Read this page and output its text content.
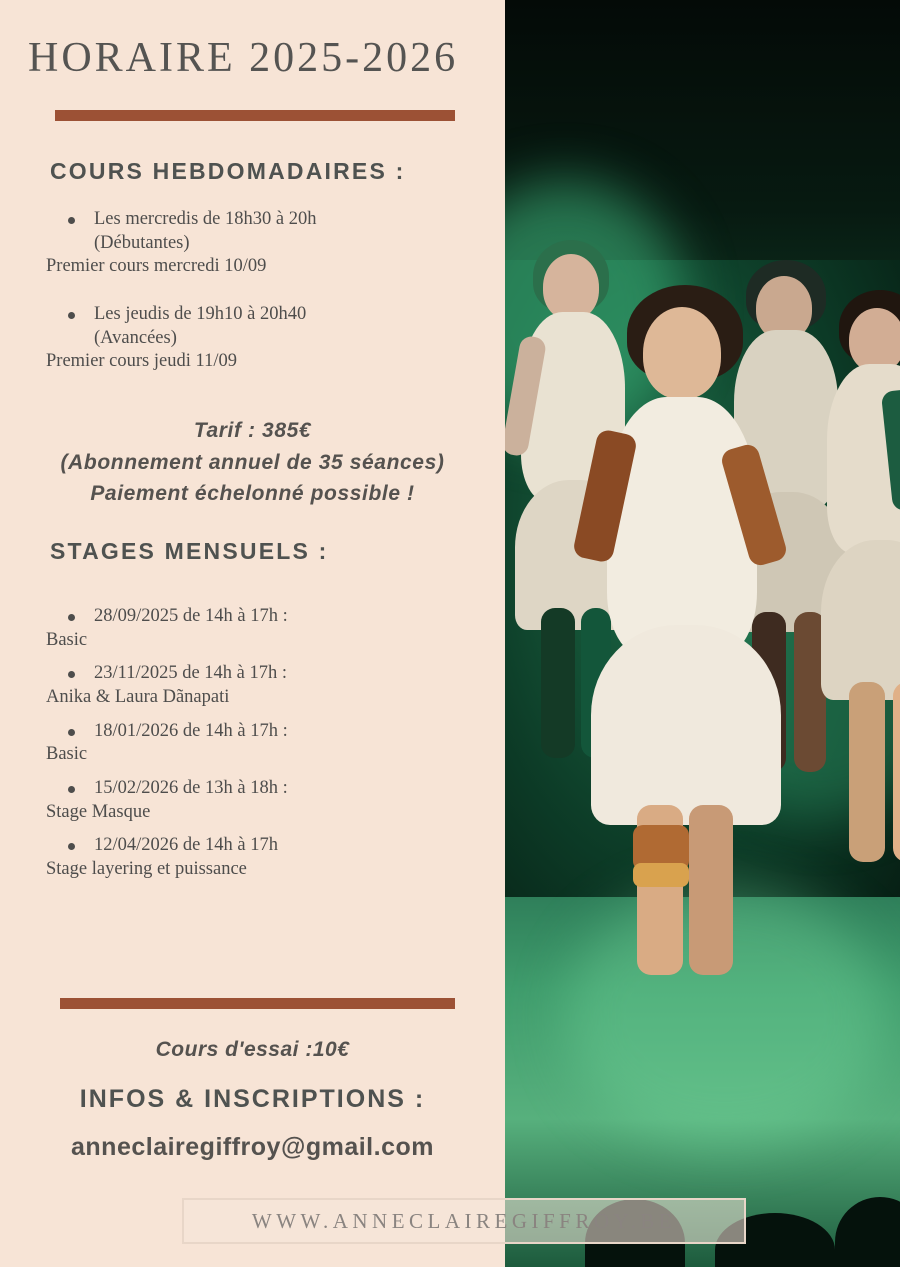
HORAIRE 2025-2026
COURS HEBDOMADAIRES :
Les mercredis de 18h30 à 20h
(Débutantes)
Premier cours mercredi 10/09
Les jeudis de 19h10 à 20h40
(Avancées)
Premier cours jeudi 11/09
Tarif : 385€
(Abonnement annuel de 35 séances)
Paiement échelonné possible !
STAGES MENSUELS :
28/09/2025 de 14h à 17h :
Basic
23/11/2025 de 14h à 17h :
Anika & Laura Dãnapati
18/01/2026 de 14h à 17h :
Basic
15/02/2026 de 13h à 18h :
Stage Masque
12/04/2026 de 14h à 17h
Stage layering et puissance
Cours d'essai :10€
INFOS & INSCRIPTIONS :
anneclairegiffroy@gmail.com
WWW.ANNECLAIREGIFFROY.BE
